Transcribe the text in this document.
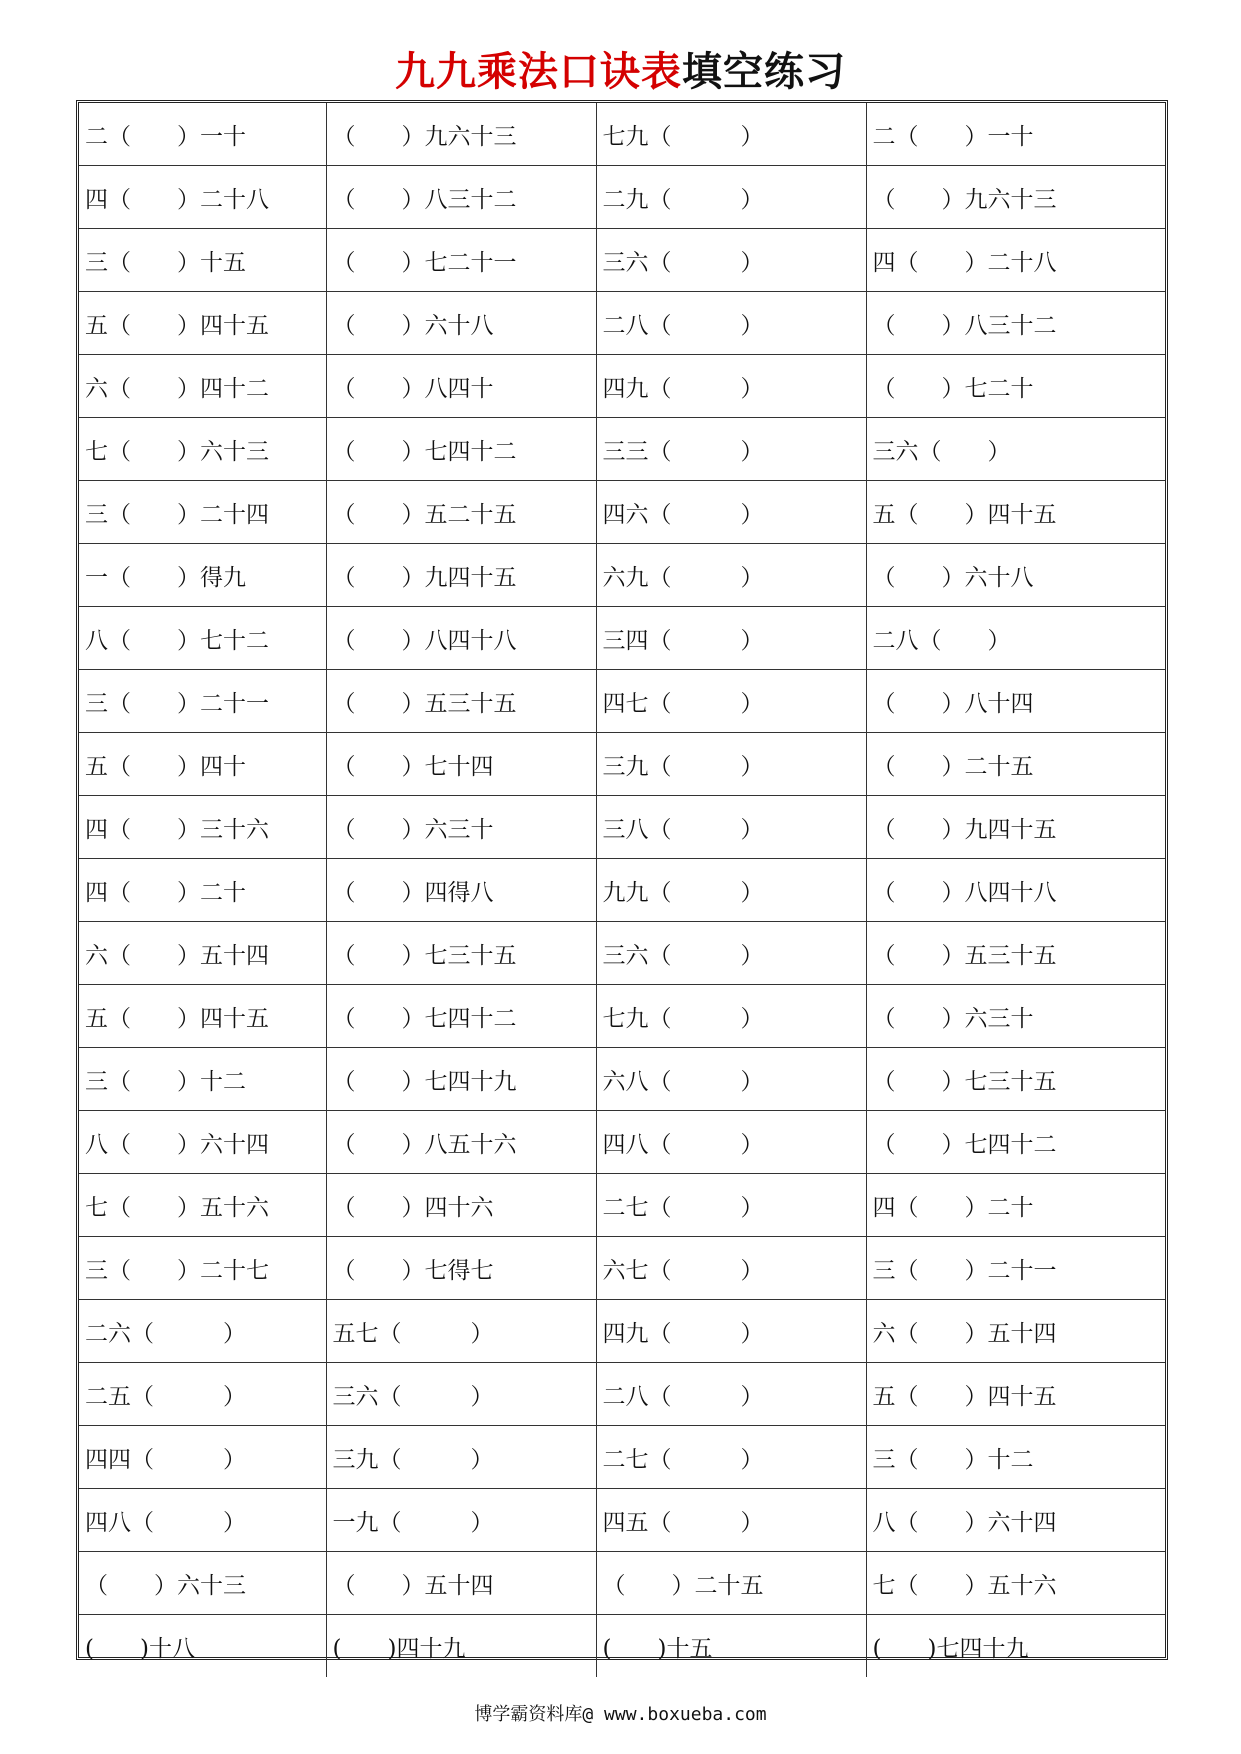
九九乘法口诀表填空练习
二（　　）一十	（　　）九六十三	七九（　　　）	二（　　）一十
四（　　）二十八	（　　）八三十二	二九（　　　）	（　　）九六十三
三（　　）十五	（　　）七二十一	三六（　　　）	四（　　）二十八
五（　　）四十五	（　　）六十八	二八（　　　）	（　　）八三十二
六（　　）四十二	（　　）八四十	四九（　　　）	（　　）七二十
七（　　）六十三	（　　）七四十二	三三（　　　）	三六（　　）
三（　　）二十四	（　　）五二十五	四六（　　　）	五（　　）四十五
一（　　）得九	（　　）九四十五	六九（　　　）	（　　）六十八
八（　　）七十二	（　　）八四十八	三四（　　　）	二八（　　）
三（　　）二十一	（　　）五三十五	四七（　　　）	（　　）八十四
五（　　）四十	（　　）七十四	三九（　　　）	（　　）二十五
四（　　）三十六	（　　）六三十	三八（　　　）	（　　）九四十五
四（　　）二十	（　　）四得八	九九（　　　）	（　　）八四十八
六（　　）五十四	（　　）七三十五	三六（　　　）	（　　）五三十五
五（　　）四十五	（　　）七四十二	七九（　　　）	（　　）六三十
三（　　）十二	（　　）七四十九	六八（　　　）	（　　）七三十五
八（　　）六十四	（　　）八五十六	四八（　　　）	（　　）七四十二
七（　　）五十六	（　　）四十六	二七（　　　）	四（　　）二十
三（　　）二十七	（　　）七得七	六七（　　　）	三（　　）二十一
二六（　　　）	五七（　　　）	四九（　　　）	六（　　）五十四
二五（　　　）	三六（　　　）	二八（　　　）	五（　　）四十五
四四（　　　）	三九（　　　）	二七（　　　）	三（　　）十二
四八（　　　）	一九（　　　）	四五（　　　）	八（　　）六十四
（　　）六十三	（　　）五十四	（　　）二十五	七（　　）五十六
(　　)十八	(　　)四十九	(　　)十五	(　　)七四十九
博学霸资料库@ www.boxueba.com
